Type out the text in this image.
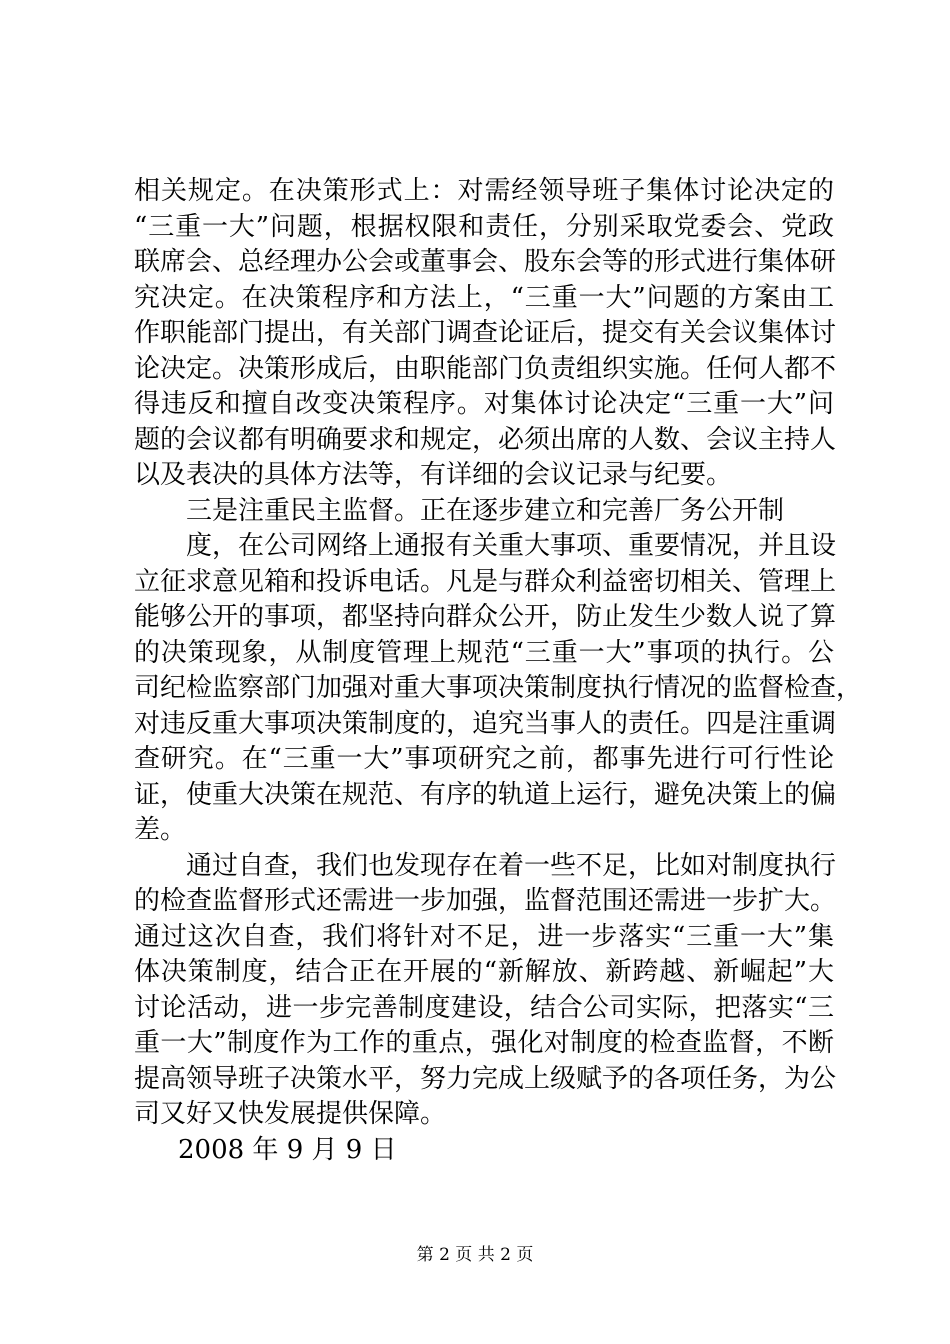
相关规定。在决策形式上：对需经领导班子集体讨论决定的
“三重一大”问题，根据权限和责任，分别采取党委会、党政
联席会、总经理办公会或董事会、股东会等的形式进行集体研
究决定。在决策程序和方法上，“三重一大”问题的方案由工
作职能部门提出，有关部门调查论证后，提交有关会议集体讨
论决定。决策形成后，由职能部门负责组织实施。任何人都不
得违反和擅自改变决策程序。对集体讨论决定“三重一大”问
题的会议都有明确要求和规定，必须出席的人数、会议主持人
以及表决的具体方法等，有详细的会议记录与纪要。
三是注重民主监督。正在逐步建立和完善厂务公开制
度，在公司网络上通报有关重大事项、重要情况，并且设
立征求意见箱和投诉电话。凡是与群众利益密切相关、管理上
能够公开的事项，都坚持向群众公开，防止发生少数人说了算
的决策现象，从制度管理上规范“三重一大”事项的执行。公
司纪检监察部门加强对重大事项决策制度执行情况的监督检查，
对违反重大事项决策制度的，追究当事人的责任。四是注重调
查研究。在“三重一大”事项研究之前，都事先进行可行性论
证，使重大决策在规范、有序的轨道上运行，避免决策上的偏
差。
通过自查，我们也发现存在着一些不足，比如对制度执行
的检查监督形式还需进一步加强，监督范围还需进一步扩大。
通过这次自查，我们将针对不足，进一步落实“三重一大”集
体决策制度，结合正在开展的“新解放、新跨越、新崛起”大
讨论活动，进一步完善制度建设，结合公司实际，把落实“三
重一大”制度作为工作的重点，强化对制度的检查监督，不断
提高领导班子决策水平，努力完成上级赋予的各项任务，为公
司又好又快发展提供保障。
2008 年 9 月 9 日
第 2 页 共 2 页
